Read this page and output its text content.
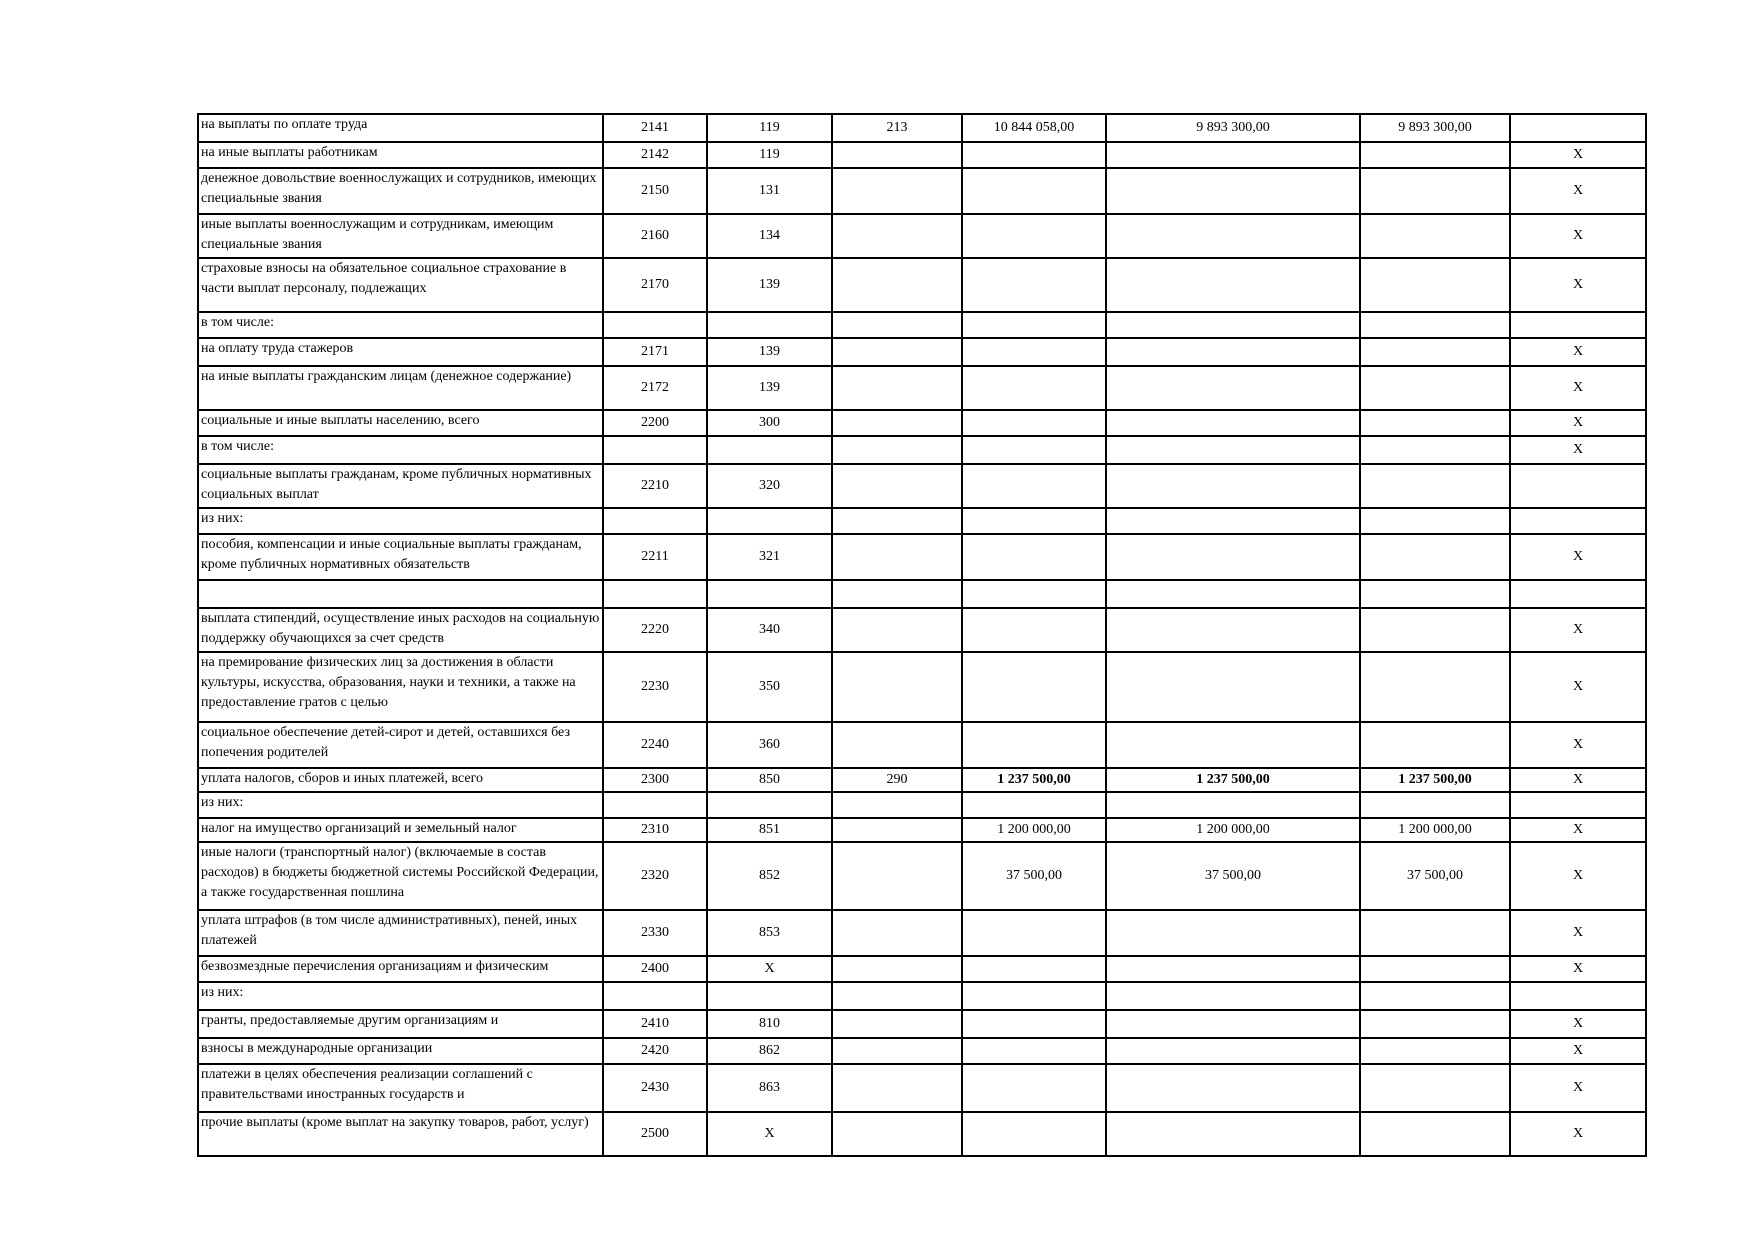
на выплаты по оплате труда	2141	119	213	10 844 058,00	9 893 300,00	9 893 300,00	
на иные выплаты работникам	2142	119					X
денежное довольствие военнослужащих и сотрудников, имеющих специальные звания	2150	131					X
иные выплаты военнослужащим и сотрудникам, имеющим специальные звания	2160	134					X
страховые взносы на обязательное социальное страхование в части выплат персоналу, подлежащих	2170	139					X
в том числе:							
на оплату труда стажеров	2171	139					X
на иные выплаты гражданским лицам (денежное содержание)	2172	139					X
социальные и иные выплаты населению, всего	2200	300					X
в том числе:							X
социальные выплаты гражданам, кроме публичных нормативных социальных выплат	2210	320					
из них:							
пособия, компенсации и иные социальные выплаты гражданам, кроме публичных нормативных обязательств	2211	321					X

выплата стипендий, осуществление иных расходов на социальную поддержку обучающихся за счет средств	2220	340					X
на премирование физических лиц за достижения в области культуры, искусства, образования, науки и техники, а также на предоставление гратов с целью	2230	350					X
социальное обеспечение детей-сирот и детей, оставшихся без попечения родителей	2240	360					X
уплата налогов, сборов и иных платежей, всего	2300	850	290	1 237 500,00	1 237 500,00	1 237 500,00	X
из них:							
налог на имущество организаций и земельный налог	2310	851		1 200 000,00	1 200 000,00	1 200 000,00	X
иные налоги (транспортный налог) (включаемые в состав расходов) в бюджеты бюджетной системы Российской Федерации, а также государственная пошлина	2320	852		37 500,00	37 500,00	37 500,00	X
уплата штрафов (в том числе административных), пеней, иных платежей	2330	853					X
безвозмездные перечисления организациям и физическим	2400	X					X
из них:							
гранты, предоставляемые другим организациям и	2410	810					X
взносы в международные организации	2420	862					X
платежи в целях обеспечения реализации соглашений с правительствами иностранных государств и	2430	863					X
прочие выплаты (кроме выплат на закупку товаров, работ, услуг)	2500	X					X
